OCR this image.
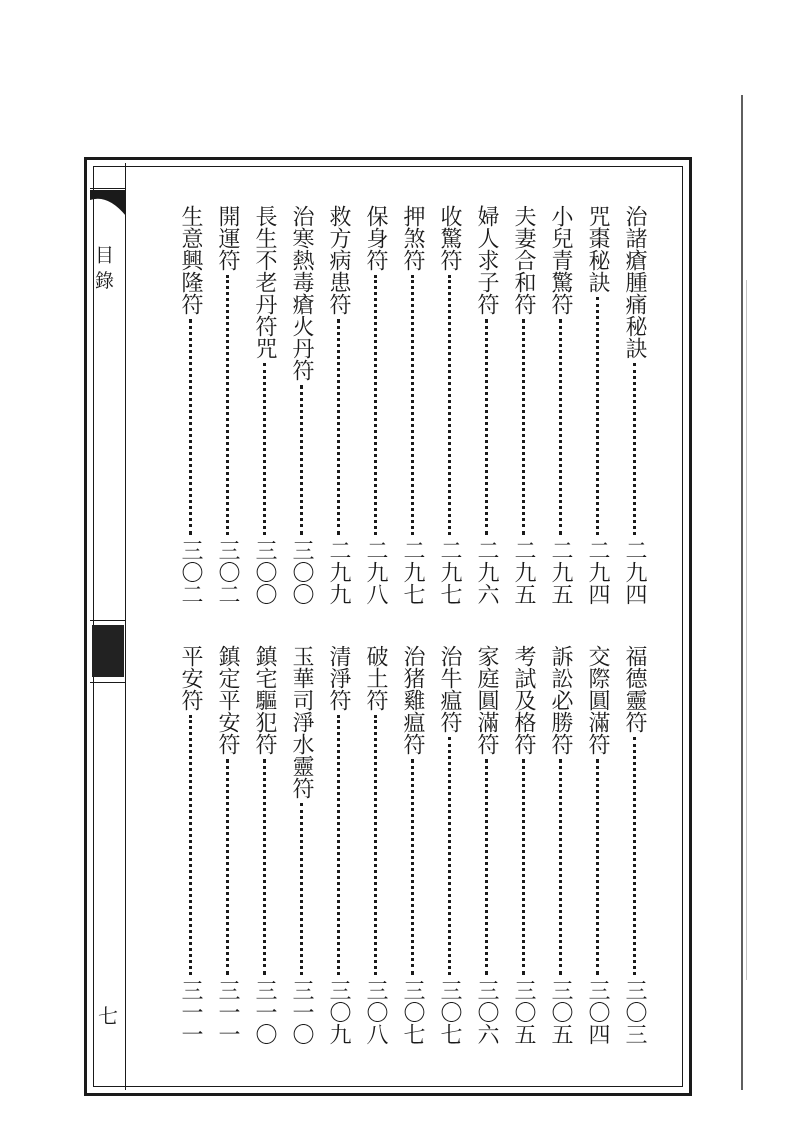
目 錄
七
治諸瘡腫痛秘訣
二九四
咒棗秘訣
二九四
小兒青驚符
二九五
夫妻合和符
二九五
婦人求子符
二九六
收驚符
二九七
押煞符
二九七
保身符
二九八
救方病患符
二九九
治寒熱毒瘡火丹符
三〇〇
長生不老丹符咒
三〇〇
開運符
三〇二
生意興隆符
三〇二
福德靈符
三〇三
交際圓滿符
三〇四
訴訟必勝符
三〇五
考試及格符
三〇五
家庭圓滿符
三〇六
治牛瘟符
三〇七
治猪雞瘟符
三〇七
破土符
三〇八
清淨符
三〇九
玉華司淨水靈符
三一〇
鎮宅驅犯符
三一〇
鎮定平安符
三一一
平安符
三一一
